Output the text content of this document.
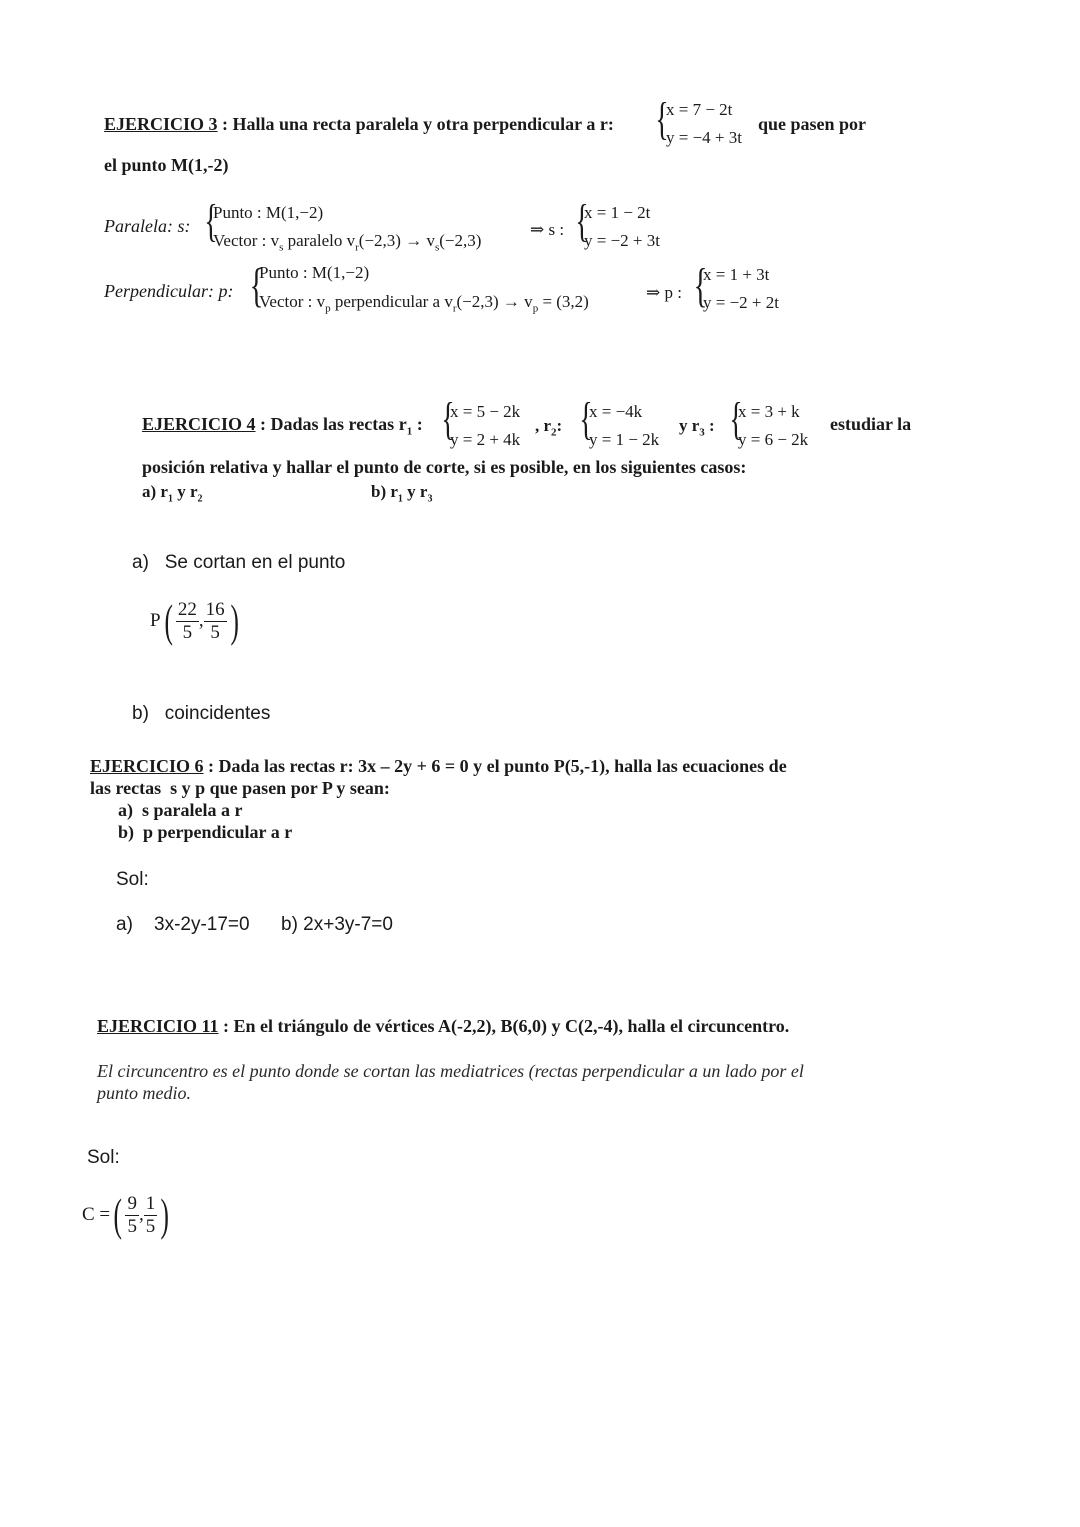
EJERCICIO 3 : Halla una recta paralela y otra perpendicular a r: {
x = 7 − 2t
y = −4 + 3t
que pasen por
el punto M(1,-2)
Paralela: s: {
Punto : M(1,−2)
Vector : $v_s$ paralelo $v_r(-2,3) \to v_s(-2,3)$
⇒ s : {
x = 1 − 2t
y = −2 + 3t
Perpendicular: p: {
Punto : M(1,−2)
Vector : $v_p$ perpendicular a $v_r(-2,3) \to v_p = (3,2)$	⇒ p : {
x = 1 + 3t
y = −2 + 2t
EJERCICIO 4 : Dadas las rectas $r_1$ : {
x = 5 − 2k
y = 2 + 4k
, $r_2$: {
x = −4k
y = 1 − 2k
y $r_3$ : {
x = 3 + k
y = 6 − 2k
estudiar la
posición relativa y hallar el punto de corte, si es posible, en los siguientes casos:
a) $r_1$ y $r_2$	b) $r_1$ y $r_3$
a)   Se cortan en el punto
$P( \frac{22}{5}$ , $\frac{16}{5}$ )
b)   coincidentes
EJERCICIO 6 : Dada las rectas r: 3x – 2y + 6 = 0 y el punto P(5,-1), halla las ecuaciones de
las rectas  s y p que pasen por P y sean:
a)  s paralela a r
b)  p perpendicular a r
Sol:
a)    3x-2y-17=0 b) 2x+3y-7=0
EJERCICIO 11 : En el triángulo de vértices A(-2,2), B(6,0) y C(2,-4), halla el circuncentro.
El circuncentro es el punto donde se cortan las mediatrices (rectas perpendicular a un lado por el
punto medio.
Sol:
C =( $\frac{9}{5}$ , $\frac{1}{5}$ )
